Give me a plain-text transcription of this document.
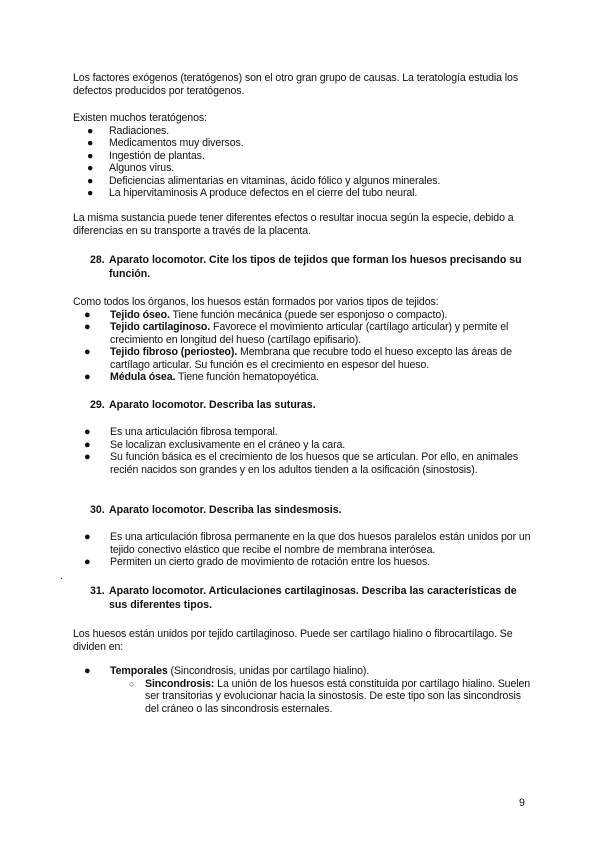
Los factores exógenos (teratógenos) son el otro gran grupo de causas. La teratología estudia los defectos producidos por teratógenos.

Existen muchos teratógenos:

● Radiaciones.
● Medicamentos muy diversos.
● Ingestión de plantas.
● Algunos virus.
● Deficiencias alimentarias en vitaminas, ácido fólico y algunos minerales.
● La hipervitaminosis A produce defectos en el cierre del tubo neural.

La misma sustancia puede tener diferentes efectos o resultar inocua según la especie, debido a diferencias en su transporte a través de la placenta.

28. Aparato locomotor. Cite los tipos de tejidos que forman los huesos precisando su función.

Como todos los órganos, los huesos están formados por varios tipos de tejidos:

● Tejido óseo. Tiene función mecánica (puede ser esponjoso o compacto).
● Tejido cartilaginoso. Favorece el movimiento articular (cartílago articular) y permite el crecimiento en longitud del hueso (cartílago epifisario).
● Tejido fibroso (periosteo). Membrana que recubre todo el hueso excepto las áreas de cartílago articular. Su función es el crecimiento en espesor del hueso.
● Médula ósea. Tiene función hematopoyética.
29. Aparato locomotor. Describa las suturas.
● Es una articulación fibrosa temporal.
● Se localizan exclusivamente en el cráneo y la cara.
● Su función básica es el crecimiento de los huesos que se articulan. Por ello, en animales recién nacidos son grandes y en los adultos tienden a la osificación (sinostosis).
30. Aparato locomotor. Describa las sindesmosis.
● Es una articulación fibrosa permanente en la que dos huesos paralelos están unidos por un tejido conectivo elástico que recibe el nombre de membrana interósea.
● Permiten un cierto grado de movimiento de rotación entre los huesos.
.
31. Aparato locomotor. Articulaciones cartilaginosas. Describa las características de sus diferentes tipos.

Los huesos están unidos por tejido cartilaginoso. Puede ser cartílago hialino o fibrocartílago. Se dividen en:

● Temporales (Sincondrosis, unidas por cartílago hialino).
○ Sincondrosis: La unión de los huesos está constituida por cartílago hialino. Suelen ser transitorias y evolucionar hacia la sinostosis. De este tipo son las sincondrosis del cráneo o las sincondrosis esternales.
9
